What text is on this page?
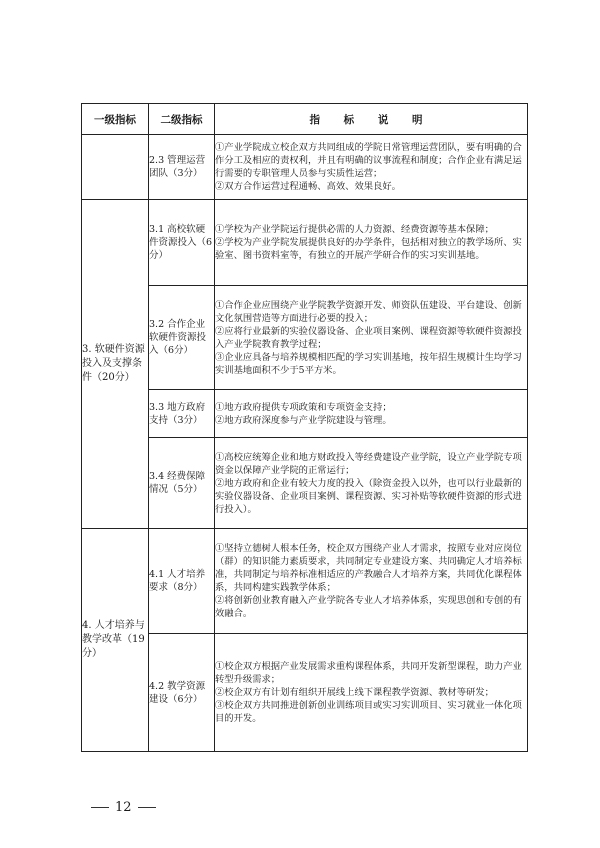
一级指标	二级指标	指 标 说 明
	2.3 管理运营团队（3分）	①产业学院成立校企双方共同组成的学院日常管理运营团队，要有明确的合作分工及相应的责权利，并且有明确的议事流程和制度；合作企业有满足运行需要的专职管理人员参与实质性运营；
②双方合作运营过程通畅、高效、效果良好。

3. 软硬件资源投入及支撑条件（20分）	3.1 高校软硬件资源投入（6分）	①学校为产业学院运行提供必需的人力资源、经费资源等基本保障；
②学校为产业学院发展提供良好的办学条件，包括相对独立的教学场所、实验室、图书资料室等，有独立的开展产学研合作的实习实训基地。

	3.2 合作企业软硬件资源投入（6分）	①合作企业应围绕产业学院教学资源开发、师资队伍建设、平台建设、创新文化氛围营造等方面进行必要的投入；
②应将行业最新的实验仪器设备、企业项目案例、课程资源等软硬件资源投入产业学院教育教学过程；
③企业应具备与培养规模相匹配的学习实训基地，按年招生规模计生均学习实训基地面积不少于5平方米。

	3.3 地方政府支持（3分）	①地方政府提供专项政策和专项资金支持；
②地方政府深度参与产业学院建设与管理。

	3.4 经费保障情况（5分）	①高校应统筹企业和地方财政投入等经费建设产业学院，设立产业学院专项资金以保障产业学院的正常运行；
②地方政府和企业有较大力度的投入（除资金投入以外，也可以行业最新的实验仪器设备、企业项目案例、课程资源、实习补贴等软硬件资源的形式进行投入）。

4. 人才培养与教学改革（19分）	4.1 人才培养要求（8分）	①坚持立德树人根本任务，校企双方围绕产业人才需求，按照专业对应岗位（群）的知识能力素质要求，共同制定专业建设方案、共同确定人才培养标准，共同制定与培养标准相适应的产教融合人才培养方案，共同优化课程体系，共同构建实践教学体系；
②将创新创业教育融入产业学院各专业人才培养体系，实现思创和专创的有效融合。

	4.2 教学资源建设（6分）	①校企双方根据产业发展需求重构课程体系，共同开发新型课程，助力产业转型升级需求；
②校企双方有计划有组织开展线上线下课程教学资源、教材等研发；
③校企双方共同推进创新创业训练项目或实习实训项目、实习就业一体化项目的开发。
12
